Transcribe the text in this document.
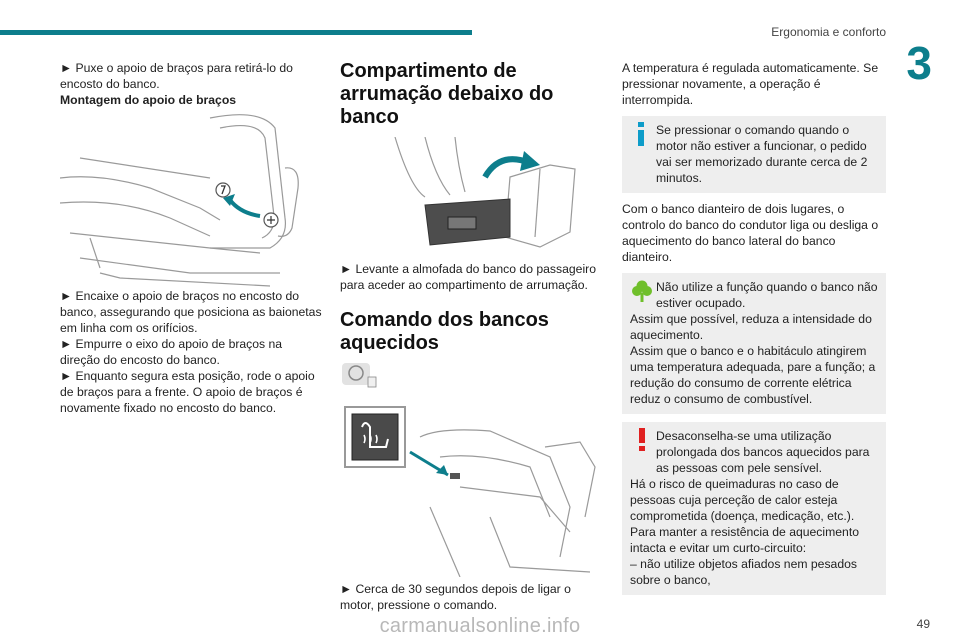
Ergonomia e conforto
3

► Puxe o apoio de braços para retirá-lo do encosto do banco.

Montagem do apoio de braços

► Encaixe o apoio de braços no encosto do banco, assegurando que posiciona as baionetas em linha com os orifícios.

► Empurre o eixo do apoio de braços na direção do encosto do banco.

► Enquanto segura esta posição, rode o apoio de braços para a frente. O apoio de braços é novamente fixado no encosto do banco.

Compartimento de arrumação debaixo do banco

► Levante a almofada do banco do passageiro para aceder ao compartimento de arrumação.

Comando dos bancos aquecidos

► Cerca de 30 segundos depois de ligar o motor, pressione o comando.

A temperatura é regulada automaticamente. Se pressionar novamente, a operação é interrompida.

Se pressionar o comando quando o motor não estiver a funcionar, o pedido vai ser memorizado durante cerca de 2 minutos.

Com o banco dianteiro de dois lugares, o controlo do banco do condutor liga ou desliga o aquecimento do banco lateral do banco dianteiro.

Não utilize a função quando o banco não estiver ocupado.

Assim que possível, reduza a intensidade do aquecimento.

Assim que o banco e o habitáculo atingirem uma temperatura adequada, pare a função; a redução do consumo de corrente elétrica reduz o consumo de combustível.

Desaconselha-se uma utilização prolongada dos bancos aquecidos para as pessoas com pele sensível.

Há o risco de queimaduras no caso de pessoas cuja perceção de calor esteja comprometida (doença, medicação, etc.).

Para manter a resistência de aquecimento intacta e evitar um curto-circuito:

– não utilize objetos afiados nem pesados sobre o banco,

49
carmanualsonline.info
